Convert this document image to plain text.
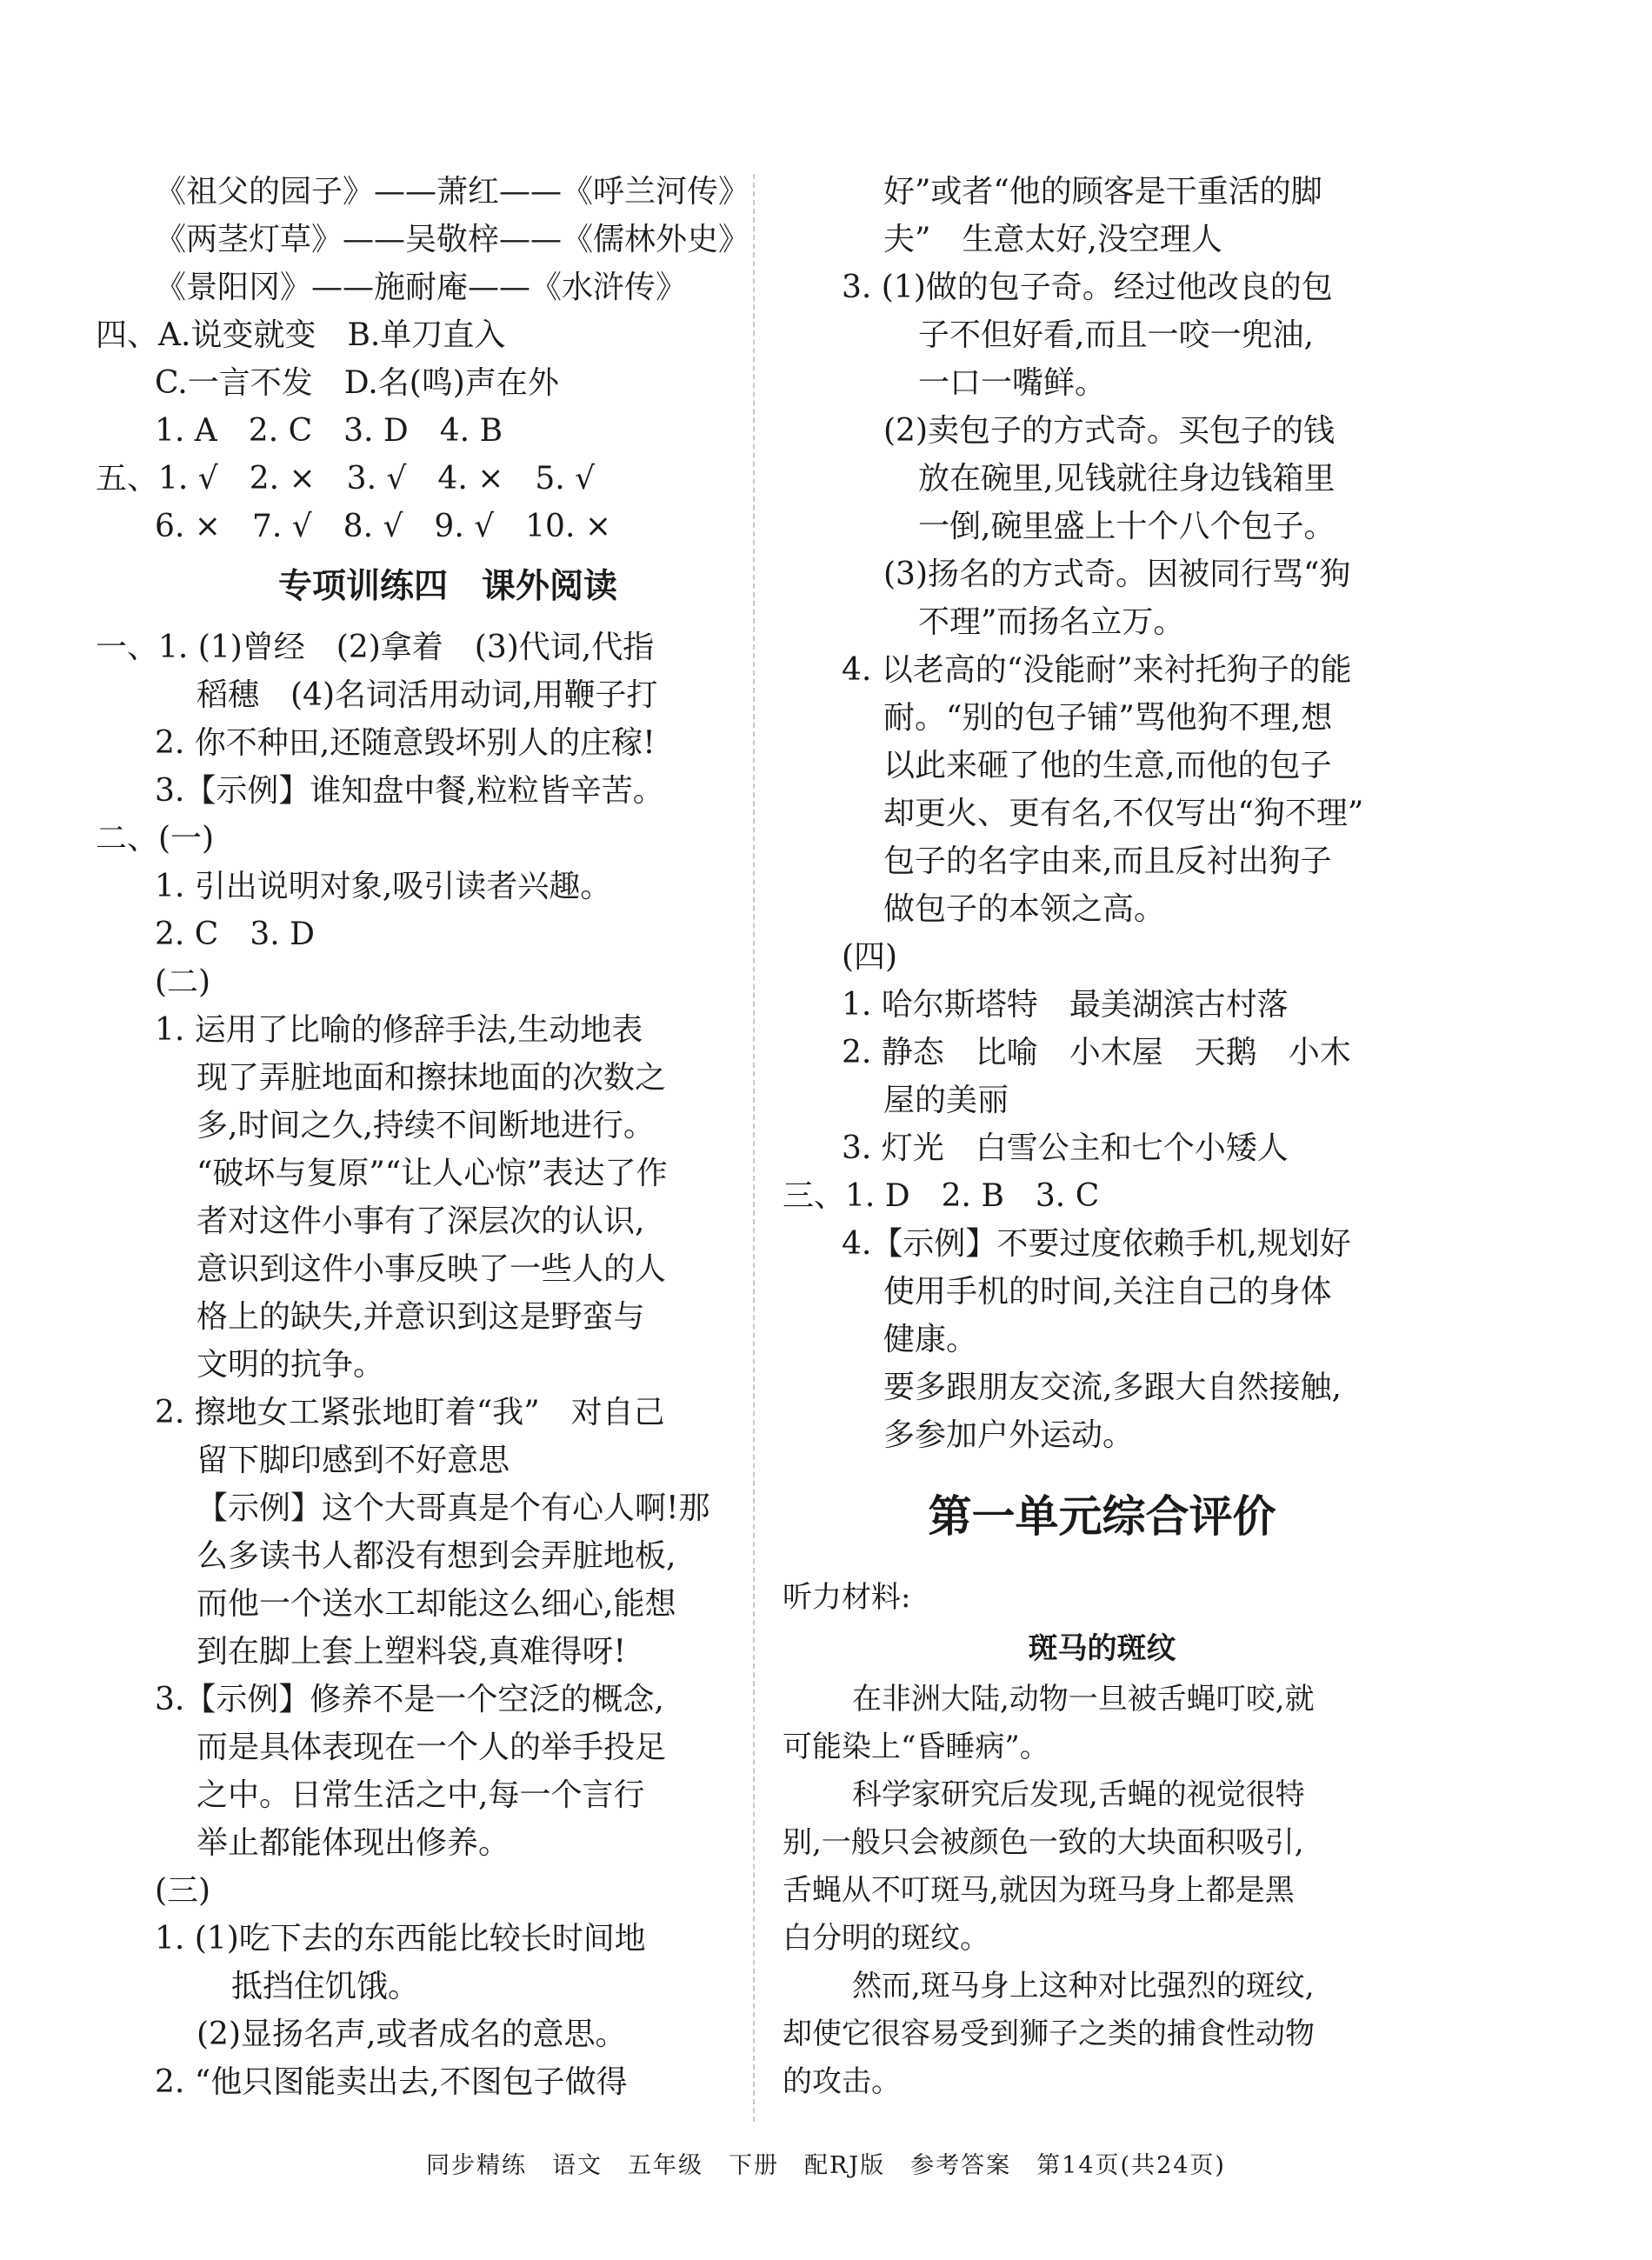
《祖父的园子》——萧红——《呼兰河传》
《两茎灯草》——吴敬梓——《儒林外史》
《景阳冈》——施耐庵——《水浒传》
四、A.说变就变　B.单刀直入
C.一言不发　D.名(鸣)声在外
1. A　2. C　3. D　4. B
五、1. √　2. ×　3. √　4. ×　5. √
6. ×　7. √　8. √　9. √　10. ×
专项训练四　课外阅读
一、1. (1)曾经　(2)拿着　(3)代词,代指
稻穗　(4)名词活用动词,用鞭子打
2. 你不种田,还随意毁坏别人的庄稼!
3.【示例】谁知盘中餐,粒粒皆辛苦。
二、(一)
1. 引出说明对象,吸引读者兴趣。
2. C　3. D
(二)
1. 运用了比喻的修辞手法,生动地表
现了弄脏地面和擦抹地面的次数之
多,时间之久,持续不间断地进行。
“破坏与复原”“让人心惊”表达了作
者对这件小事有了深层次的认识,
意识到这件小事反映了一些人的人
格上的缺失,并意识到这是野蛮与
文明的抗争。
2. 擦地女工紧张地盯着“我”　对自己
留下脚印感到不好意思
【示例】这个大哥真是个有心人啊!那
么多读书人都没有想到会弄脏地板,
而他一个送水工却能这么细心,能想
到在脚上套上塑料袋,真难得呀!
3.【示例】修养不是一个空泛的概念,
而是具体表现在一个人的举手投足
之中。日常生活之中,每一个言行
举止都能体现出修养。
(三)
1. (1)吃下去的东西能比较长时间地
抵挡住饥饿。
(2)显扬名声,或者成名的意思。
2. “他只图能卖出去,不图包子做得
好”或者“他的顾客是干重活的脚
夫”　生意太好,没空理人
3. (1)做的包子奇。经过他改良的包
子不但好看,而且一咬一兜油,
一口一嘴鲜。
(2)卖包子的方式奇。买包子的钱
放在碗里,见钱就往身边钱箱里
一倒,碗里盛上十个八个包子。
(3)扬名的方式奇。因被同行骂“狗
不理”而扬名立万。
4. 以老高的“没能耐”来衬托狗子的能
耐。“别的包子铺”骂他狗不理,想
以此来砸了他的生意,而他的包子
却更火、更有名,不仅写出“狗不理”
包子的名字由来,而且反衬出狗子
做包子的本领之高。
(四)
1. 哈尔斯塔特　最美湖滨古村落
2. 静态　比喻　小木屋　天鹅　小木
屋的美丽
3. 灯光　白雪公主和七个小矮人
三、1. D　2. B　3. C
4.【示例】不要过度依赖手机,规划好
使用手机的时间,关注自己的身体
健康。
要多跟朋友交流,多跟大自然接触,
多参加户外运动。
第一单元综合评价
听力材料:
斑马的斑纹
在非洲大陆,动物一旦被舌蝇叮咬,就
可能染上“昏睡病”。
科学家研究后发现,舌蝇的视觉很特
别,一般只会被颜色一致的大块面积吸引,
舌蝇从不叮斑马,就因为斑马身上都是黑
白分明的斑纹。
然而,斑马身上这种对比强烈的斑纹,
却使它很容易受到狮子之类的捕食性动物
的攻击。
同步精练　语文　五年级　下册　配RJ版　参考答案　第14页(共24页)
